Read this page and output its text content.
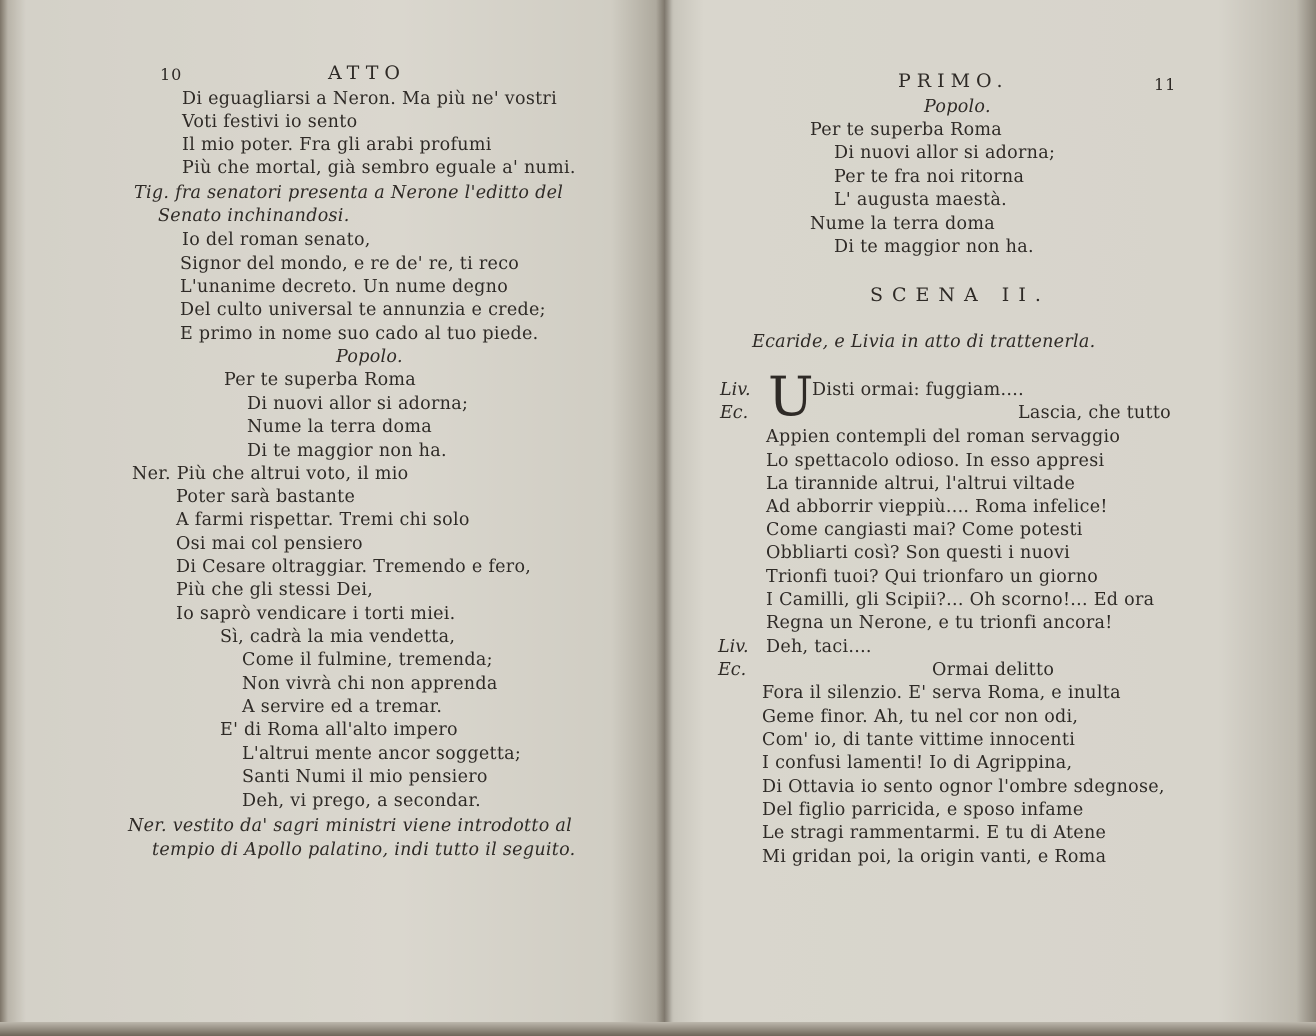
10	ATTO
Di eguagliarsi a Neron. Ma più ne' vostri
Voti festivi io sento
Il mio poter. Fra gli arabi profumi
Più che mortal, già sembro eguale a' numi.
Tig. fra senatori presenta a Nerone l'editto del
Senato inchinandosi.
Io del roman senato,
Signor del mondo, e re de' re, ti reco
L'unanime decreto. Un nume degno
Del culto universal te annunzia e crede;
E primo in nome suo cado al tuo piede.
Popolo.
Per te superba Roma
Di nuovi allor si adorna;
Nume la terra doma
Di te maggior non ha.
Ner. Più che altrui voto, il mio
Poter sarà bastante
A farmi rispettar. Tremi chi solo
Osi mai col pensiero
Di Cesare oltraggiar. Tremendo e fero,
Più che gli stessi Dei,
Io saprò vendicare i torti miei.
Sì, cadrà la mia vendetta,
Come il fulmine, tremenda;
Non vivrà chi non apprenda
A servire ed a tremar.
E' di Roma all'alto impero
L'altrui mente ancor soggetta;
Santi Numi il mio pensiero
Deh, vi prego, a secondar.
Ner. vestito da' sagri ministri viene introdotto al
tempio di Apollo palatino, indi tutto il seguito.
PRIMO.	11
Popolo.
Per te superba Roma
Di nuovi allor si adorna;
Per te fra noi ritorna
L' augusta maestà.
Nume la terra doma
Di te maggior non ha.
SCENA II.
Ecaride, e Livia in atto di trattenerla.
Liv.
Ec. U
Disti ormai: fuggiam....
Lascia, che tutto
Appien contempli del roman servaggio
Lo spettacolo odioso. In esso appresi
La tirannide altrui, l'altrui viltade
Ad abborrir vieppiù.... Roma infelice!
Come cangiasti mai? Come potesti
Obbliarti così? Son questi i nuovi
Trionfi tuoi? Qui trionfaro un giorno
I Camilli, gli Scipii?... Oh scorno!... Ed ora
Regna un Nerone, e tu trionfi ancora!
Liv. Deh, taci....
Ec.	Ormai delitto
Fora il silenzio. E' serva Roma, e inulta
Geme finor. Ah, tu nel cor non odi,
Com' io, di tante vittime innocenti
I confusi lamenti! Io di Agrippina,
Di Ottavia io sento ognor l'ombre sdegnose,
Del figlio parricida, e sposo infame
Le stragi rammentarmi. E tu di Atene
Mi gridan poi, la origin vanti, e Roma
